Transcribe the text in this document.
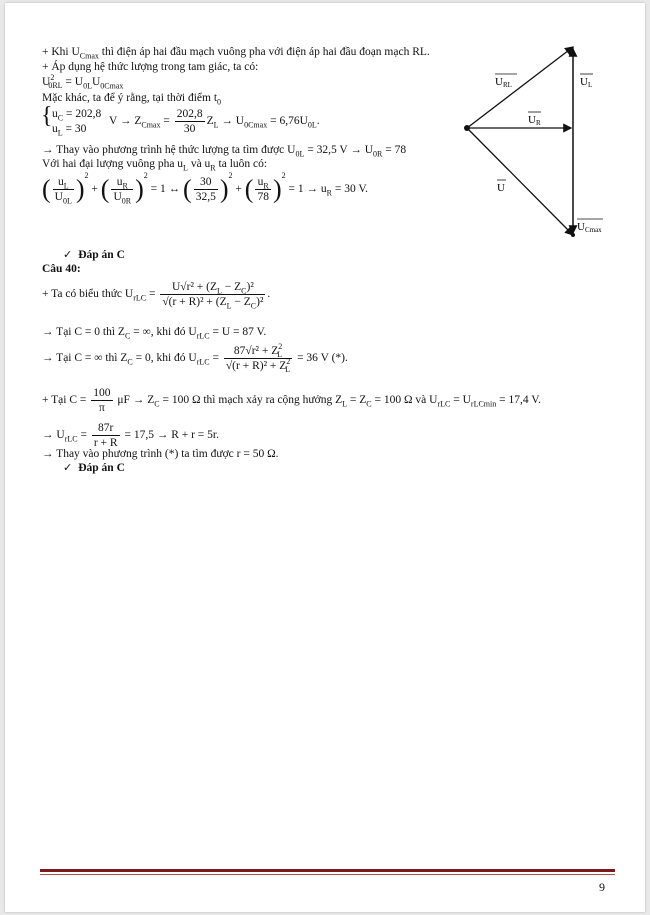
+ Khi $U_{Cmax}$ thì điện áp hai đầu mạch vuông pha với điện áp hai đầu đoạn mạch RL.
+ Áp dụng hệ thức lượng trong tam giác, ta có:
$U^2_{0RL} = U_{0L}U_{0Cmax}$
Mặc khác, ta để ý rằng, tại thời điểm $t_0$
{ $u_C = 202,8$
$u_L = 30$
$V \to Z_{Cmax} = \frac{202,8}{30} Z_L \to U_{0Cmax} = 6,76U_{0L}$.
→ Thay vào phương trình hệ thức lượng ta tìm được $U_{0L} = 32,5$ $V \to U_{0R} = 78$
Với hai đại lượng vuông pha $u_L$ và $u_R$ ta luôn có:
( $\frac{u_L}{U_{0L}} )^2$ + ( $\frac{u_R}{U_{0R}} )^2 = 1$ ↔ ( $\frac{30}{32,5} )^2$ + ( $\frac{u_R}{78} )^2 = 1 \to u_R = 30$ V.
✓ Đáp án C
Câu 40:
+ Ta có biểu thức $U_{rLC} = \frac{U√r^2 + (Z_L - Z_C)^2}{√(r + R)^2 + (Z_L - Z_C)^2}$ .
→ Tại C = 0 thì $Z_C$ = ∞, khi đó $U_{rLC} = U = 87$ V.
→ Tại C = ∞ thì $Z_C = 0$, khi đó $U_{rLC} = \frac{87√r^2 + Z^2_L}{√(r + R)^2 + Z^2_L} = 36$ V (*).
+ Tại $C = \frac{100}{\pi}$ $\mu F \to Z_C = 100$ Ω thì mạch xảy ra cộng hưởng $Z_L = Z_C = 100$ Ω và $U_{rLC} = U_{rLCmin} = 17,4$ V.
→ $U_{rLC} = \frac{87r}{r + R} = 17,5 \to R + r = 5r$.
→ Thay vào phương trình (*) ta tìm được r = 50 Ω.
✓ Đáp án C
URL	UL
UR
U
UCmax
9
